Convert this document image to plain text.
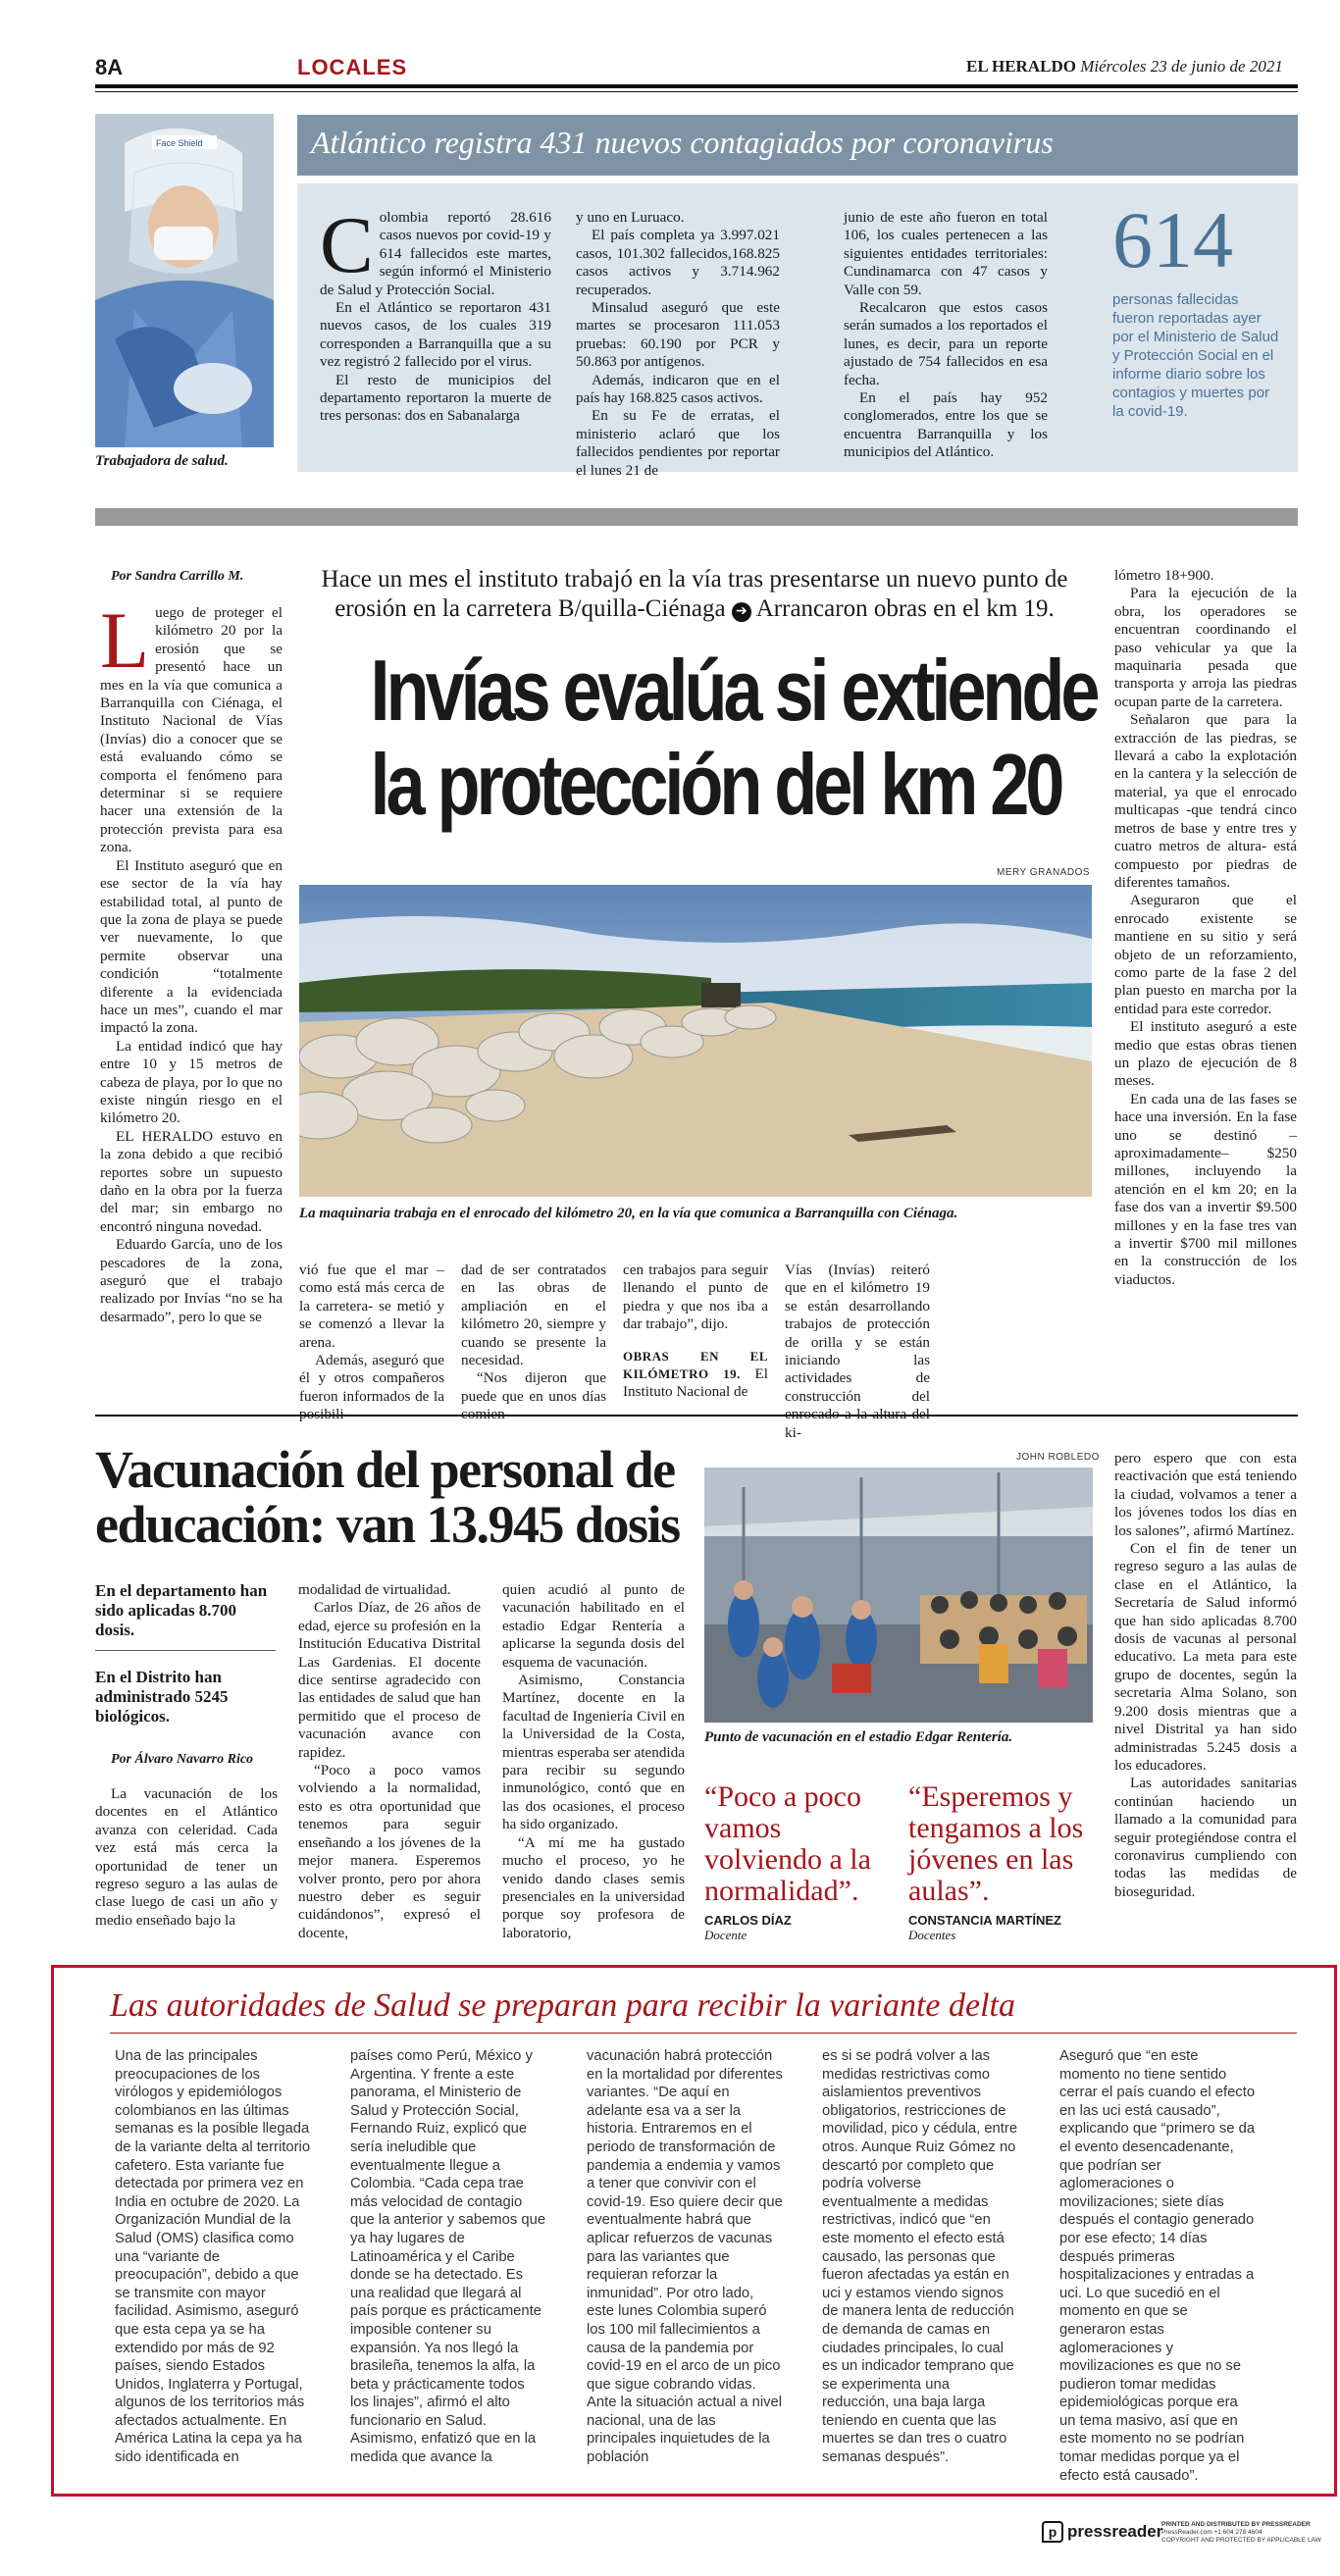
8A	LOCALES	EL HERALDO Miércoles 23 de junio de 2021
Face Shield
Trabajadora de salud.
Atlántico registra 431 nuevos contagiados por coronavirus
C olombia reportó 28.616 casos nuevos por covid-19 y 614 fallecidos este martes, según informó el Ministerio de Salud y Protección Social.

En el Atlántico se reportaron 431 nuevos casos, de los cuales 319 corresponden a Barranquilla que a su vez registró 2 fallecido por el virus.

El resto de municipios del departamento reportaron la muerte de tres personas: dos en Sabanalarga

y uno en Luruaco.

El país completa ya 3.997.021 casos, 101.302 fallecidos,168.825 casos activos y 3.714.962 recuperados.

Minsalud aseguró que este martes se procesaron 111.053 pruebas: 60.190 por PCR y 50.863 por antígenos.

Además, indicaron que en el país hay 168.825 casos activos.

En su Fe de erratas, el ministerio aclaró que los fallecidos pendientes por reportar el lunes 21 de

junio de este año fueron en total 106, los cuales pertenecen a las siguientes entidades territoriales: Cundinamarca con 47 casos y Valle con 59.

Recalcaron que estos casos serán sumados a los reportados el lunes, es decir, para un reporte ajustado de 754 fallecidos en esa fecha.

En el país hay 952 conglomerados, entre los que se encuentra Barranquilla y los municipios del Atlántico.

614
personas fallecidas fueron reportadas ayer por el Ministerio de Salud y Protección Social en el informe diario sobre los contagios y muertes por la covid-19.
Por Sandra Carrillo M.
L uego de proteger el kilómetro 20 por la erosión que se presentó hace un mes en la vía que comunica a Barranquilla con Ciénaga, el Instituto Nacional de Vías (Invías) dio a conocer que se está evaluando cómo se comporta el fenómeno para determinar si se requiere hacer una extensión de la protección prevista para esa zona.

El Instituto aseguró que en ese sector de la vía hay estabilidad total, al punto de que la zona de playa se puede ver nuevamente, lo que permite observar una condición “totalmente diferente a la evidenciada hace un mes”, cuando el mar impactó la zona.

La entidad indicó que hay entre 10 y 15 metros de cabeza de playa, por lo que no existe ningún riesgo en el kilómetro 20.

EL HERALDO estuvo en la zona debido a que recibió reportes sobre un supuesto daño en la obra por la fuerza del mar; sin embargo no encontró ninguna novedad.

Eduardo García, uno de los pescadores de la zona, aseguró que el trabajo realizado por Invías “no se ha desarmado”, pero lo que se

Hace un mes el instituto trabajó en la vía tras presentarse un nuevo punto de
erosión en la carretera B/quilla-Ciénaga ➔ Arrancaron obras en el km 19.
Invías evalúa si extiende
la protección del km 20
MERY GRANADOS
La maquinaria trabaja en el enrocado del kilómetro 20, en la vía que comunica a Barranquilla con Ciénaga.

vió fue que el mar –como está más cerca de la carretera- se metió y se comenzó a llevar la arena.

Además, aseguró que él y otros compañeros fueron informados de la

dad de ser contratados en las obras de ampliación en el kilómetro 20, siempre y cuando se presente la necesidad.

“Nos dijeron que puede que en unos días

cen trabajos para seguir llenando el punto de piedra y que nos iba a dar trabajo”, dijo.

OBRAS EN EL KILÓMETRO 19. El Instituto Nacional de

Vías (Invías) reiteró que en el kilómetro 19 se están desarrollando trabajos de protección de orilla y se están iniciando las actividades de construcción del ki-

lómetro 18+900.

Para la ejecución de la obra, los operadores se encuentran coordinando el paso vehicular ya que la maquinaria pesada que transporta y arroja las piedras ocupan parte de la carretera.

Señalaron que para la extracción de las piedras, se llevará a cabo la explotación en la cantera y la selección de material, ya que el enrocado multicapas -que tendrá cinco metros de base y entre tres y cuatro metros de altura- está compuesto por piedras de diferentes tamaños.

Aseguraron que el enrocado existente se mantiene en su sitio y será objeto de un reforzamiento, como parte de la fase 2 del plan puesto en marcha por la entidad para este corredor.

El instituto aseguró a este medio que estas obras tienen un plazo de ejecución de 8 meses.

En cada una de las fases se hace una inversión. En la fase uno se destinó –aproximadamente– $250 millones, incluyendo la atención en el km 20; en la fase dos van a invertir $9.500 millones y en la fase tres van a invertir $700 mil millones en la construcción de los viaductos.

Vacunación del personal de
educación: van 13.945 dosis
En el departamento han sido aplicadas 8.700 dosis.
En el Distrito han administrado 5245 biológicos.
Por Álvaro Navarro Rico

La vacunación de los docentes en el Atlántico avanza con celeridad. Cada vez está más cerca la oportunidad de tener un regreso seguro a las aulas de clase luego de casi un año y medio enseñado bajo la

modalidad de virtualidad.

Carlos Díaz, de 26 años de edad, ejerce su profesión en la Institución Educativa Distrital Las Gardenias. El docente dice sentirse agradecido con las entidades de salud que han permitido que el proceso de vacunación avance con rapidez.

“Poco a poco vamos volviendo a la normalidad, esto es otra oportunidad que tenemos para seguir enseñando a los jóvenes de la mejor manera. Esperemos volver pronto, pero por ahora nuestro deber es seguir cuidándonos”, expresó el docente,

quien acudió al punto de vacunación habilitado en el estadio Edgar Rentería a aplicarse la segunda dosis del esquema de vacunación.

Asimismo, Constancia Martínez, docente en la facultad de Ingeniería Civil en la Universidad de la Costa, mientras esperaba ser atendida para recibir su segundo inmunológico, contó que en las dos ocasiones, el proceso ha sido organizado.

“A mí me ha gustado mucho el proceso, yo he venido dando clases semis presenciales en la universidad porque soy profesora de laboratorio,

JOHN ROBLEDO
Punto de vacunación en el estadio Edgar Rentería.
“Poco a poco vamos volviendo a la normalidad”.
CARLOS DÍAZ
Docente
“Esperemos y tengamos a los jóvenes en las aulas”.
CONSTANCIA MARTÍNEZ
Docentes

pero espero que con esta reactivación que está teniendo la ciudad, volvamos a tener a los jóvenes todos los días en los salones”, afirmó Martínez.

Con el fin de tener un regreso seguro a las aulas de clase en el Atlántico, la Secretaría de Salud informó que han sido aplicadas 8.700 dosis de vacunas al personal educativo. La meta para este grupo de docentes, según la secretaria Alma Solano, son 9.200 dosis mientras que a nivel Distrital ya han sido administradas 5.245 dosis a los educadores.

Las autoridades sanitarias continúan haciendo un llamado a la comunidad para seguir protegiéndose contra el coronavirus cumpliendo con todas las medidas de bioseguridad.

Las autoridades de Salud se preparan para recibir la variante delta

Una de las principales preocupaciones de los virólogos y epidemiólogos colombianos en las últimas semanas es la posible llegada de la variante delta al territorio cafetero. Esta variante fue detectada por primera vez en India en octubre de 2020. La Organización Mundial de la Salud (OMS) clasifica como una “variante de preocupación”, debido a que se transmite con mayor facilidad. Asimismo, aseguró que esta cepa ya se ha extendido por más de 92 países, siendo Estados Unidos, Inglaterra y Portugal, algunos de los territorios más afectados actualmente. En América Latina la cepa ya ha sido identificada en

países como Perú, México y Argentina. Y frente a este panorama, el Ministerio de Salud y Protección Social, Fernando Ruiz, explicó que sería ineludible que eventualmente llegue a Colombia. “Cada cepa trae más velocidad de contagio que la anterior y sabemos que ya hay lugares de Latinoamérica y el Caribe donde se ha detectado. Es una realidad que llegará al país porque es prácticamente imposible contener su expansión. Ya nos llegó la brasileña, tenemos la alfa, la beta y prácticamente todos los linajes”, afirmó el alto funcionario en Salud. Asimismo, enfatizó que en la medida que avance la

vacunación habrá protección en la mortalidad por diferentes variantes. “De aquí en adelante esa va a ser la historia. Entraremos en el periodo de transformación de pandemia a endemia y vamos a tener que convivir con el covid-19. Eso quiere decir que eventualmente habrá que aplicar refuerzos de vacunas para las variantes que requieran reforzar la inmunidad”. Por otro lado, este lunes Colombia superó los 100 mil fallecimientos a causa de la pandemia por covid-19 en el arco de un pico que sigue cobrando vidas. Ante la situación actual a nivel nacional, una de las principales inquietudes de la población

es si se podrá volver a las medidas restrictivas como aislamientos preventivos obligatorios, restricciones de movilidad, pico y cédula, entre otros. Aunque Ruiz Gómez no descartó por completo que podría volverse eventualmente a medidas restrictivas, indicó que “en este momento el efecto está causado, las personas que fueron afectadas ya están en uci y estamos viendo signos de manera lenta de reducción de demanda de camas en ciudades principales, lo cual es un indicador temprano que se experimenta una reducción, una baja larga teniendo en cuenta que las muertes se dan tres o cuatro semanas después”.

Aseguró que “en este momento no tiene sentido cerrar el país cuando el efecto en las uci está causado”, explicando que “primero se da el evento desencadenante, que podrían ser aglomeraciones o movilizaciones; siete días después el contagio generado por ese efecto; 14 días después primeras hospitalizaciones y entradas a uci. Lo que sucedió en el momento en que se generaron estas aglomeraciones y movilizaciones es que no se pudieron tomar medidas epidemiológicas porque era un tema masivo, así que en este momento no se podrían tomar medidas porque ya el efecto está causado”.

p pressreader
PRINTED AND DISTRIBUTED BY PRESSREADER
PressReader.com +1 604 278 4604
COPYRIGHT AND PROTECTED BY APPLICABLE LAW
